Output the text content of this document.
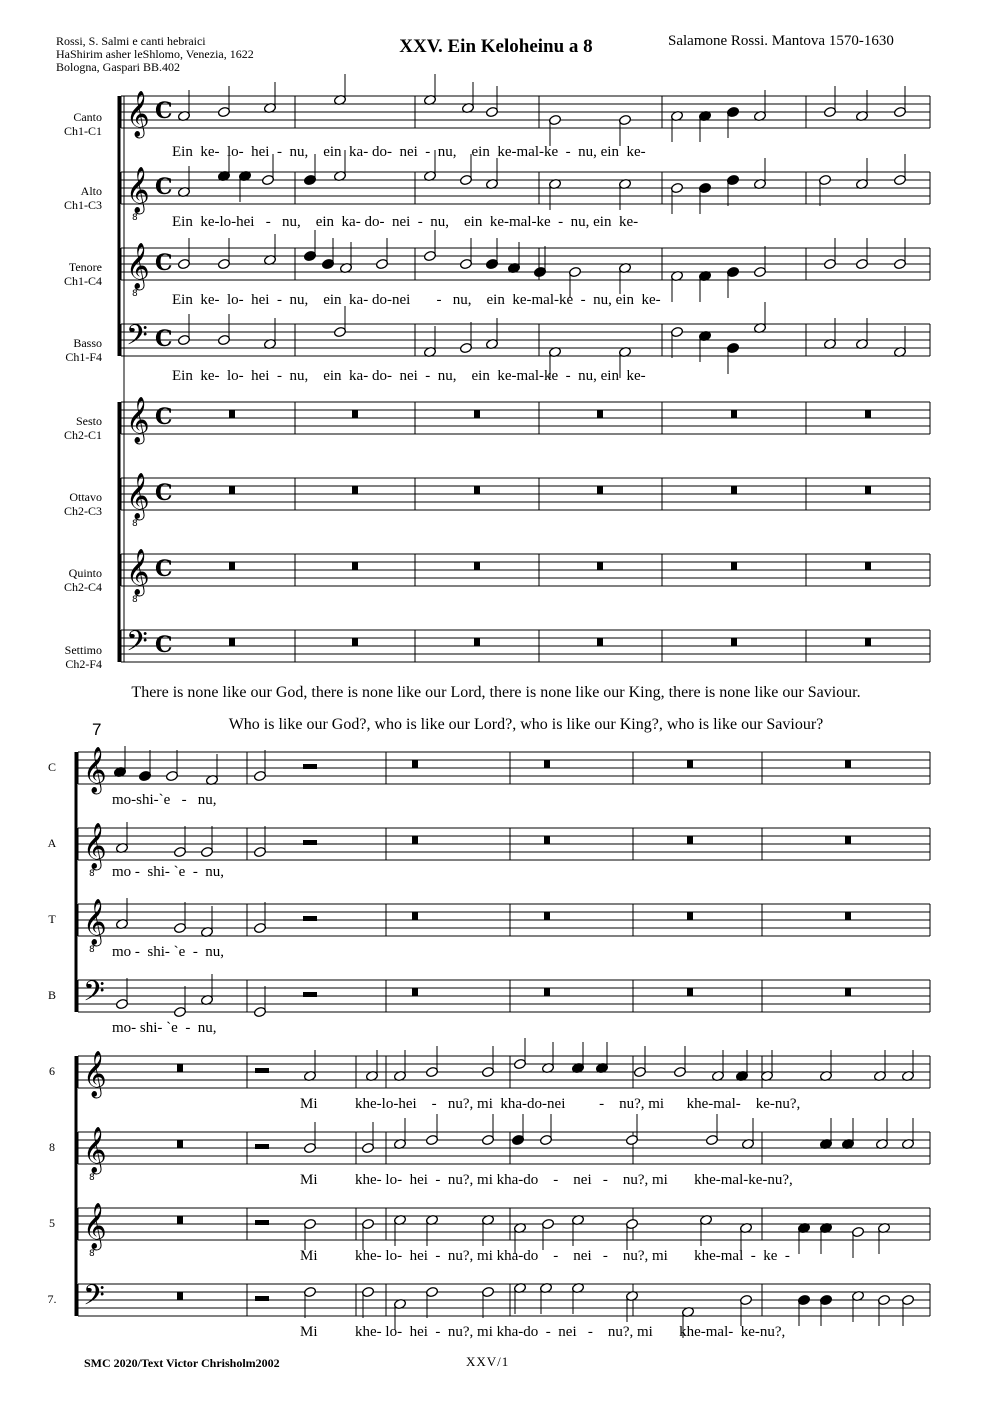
Rossi, S. Salmi e canti hebraici
HaShirim asher leShlomo, Venezia, 1622
Bologna, Gaspari BB.402
XXV. Ein Keloheinu a 8	Salamone Rossi. Mantova 1570-1630
Canto
Ch1-C1
Alto
Ch1-C3
Tenore
Ch1-C4
Basso
Ch1-F4
Sesto
Ch2-C1
Ottavo
Ch2-C3
Quinto
Ch2-C4
Settimo
Ch2-F4
Ein  ke-  lo-  hei  -  nu,    ein  ka- do-  nei  -  nu,    ein  ke-mal-ke  -  nu, ein  ke-
Ein  ke-lo-hei   -   nu,    ein  ka- do-  nei  -  nu,    ein  ke-mal-ke  -  nu, ein  ke-
Ein  ke-  lo-  hei  -  nu,    ein  ka- do-nei       -   nu,    ein  ke-mal-ke  -  nu, ein  ke-
Ein  ke-  lo-  hei  -  nu,    ein  ka- do-  nei  -  nu,    ein  ke-mal-ke  -  nu, ein  ke-
There is none like our God, there is none like our Lord, there is none like our King, there is none like our Saviour.
Who is like our God?, who is like our Lord?, who is like our King?, who is like our Saviour?
7
C
A
T
B
6
8
5
7.
mo-shi-`e   -   nu,
mo -  shi- `e  -  nu,
mo -  shi- `e  -  nu,
mo- shi- `e  -  nu,
Mi          khe-lo-hei    -   nu?, mi  kha-do-nei         -    nu?, mi      khe-mal-    ke-nu?,
Mi          khe- lo-  hei  -  nu?, mi kha-do    -    nei   -    nu?, mi       khe-mal-ke-nu?,
Mi          khe- lo-  hei  -  nu?, mi kha-do    -    nei   -    nu?, mi       khe-mal  -  ke  -
Mi          khe- lo-  hei  -  nu?, mi kha-do  -  nei   -    nu?, mi       khe-mal-  ke-nu?,
𝄞 C
𝄞
8
C
𝄞
8
C
𝄢 C
𝄞 C
𝄞
8
C
𝄞
8
C
𝄢 C
𝄞
𝄞
8
𝄞
8
𝄢
𝄞
𝄞
8
𝄞
8
𝄢
SMC 2020/Text Victor Chrisholm2002	XXV/1
